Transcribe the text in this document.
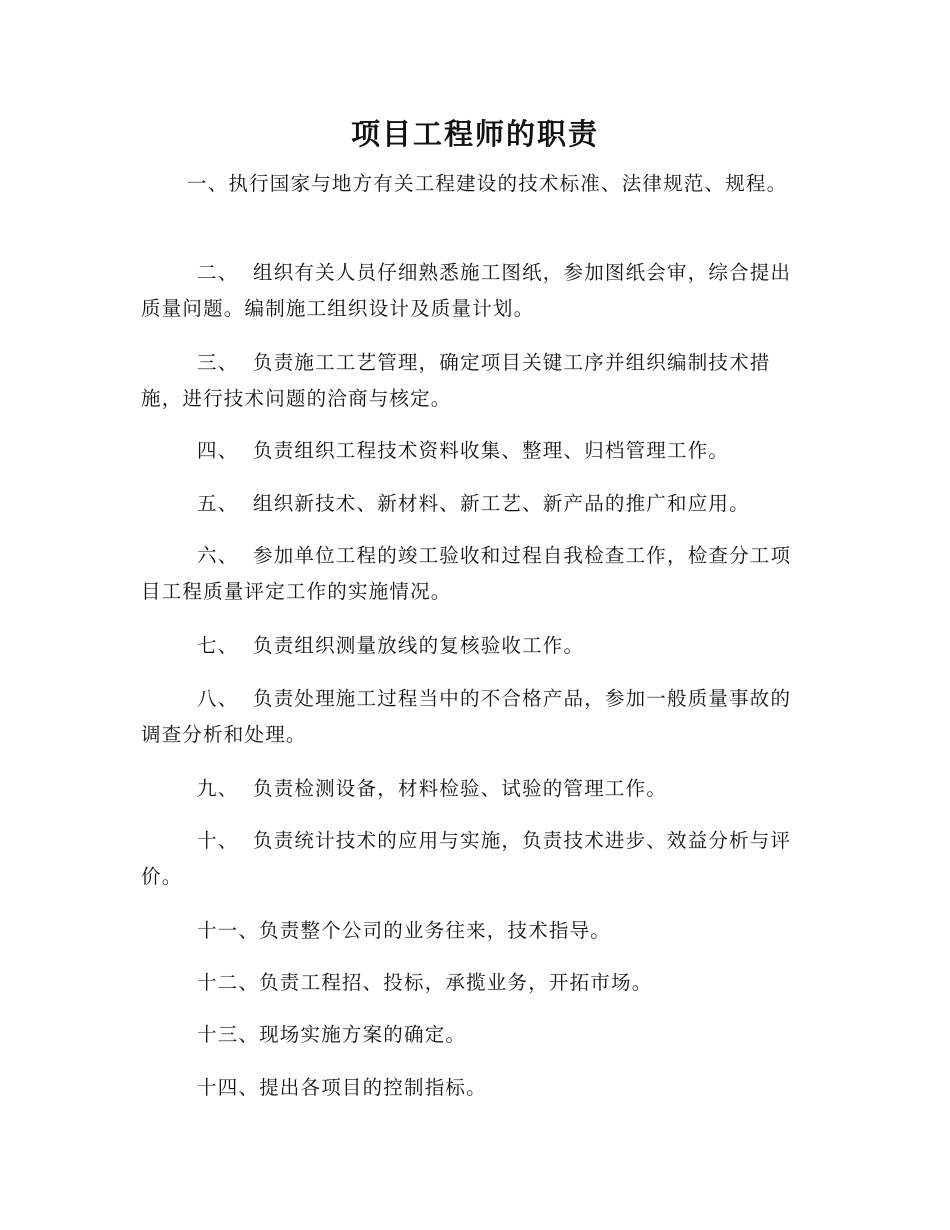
项目工程师的职责
一、执行国家与地方有关工程建设的技术标准、法律规范、规程。
二、 组织有关人员仔细熟悉施工图纸，参加图纸会审，综合提出质量问题。编制施工组织设计及质量计划。
三、 负责施工工艺管理，确定项目关键工序并组织编制技术措施，进行技术问题的洽商与核定。
四、 负责组织工程技术资料收集、整理、归档管理工作。
五、 组织新技术、新材料、新工艺、新产品的推广和应用。
六、 参加单位工程的竣工验收和过程自我检查工作，检查分工项目工程质量评定工作的实施情况。
七、 负责组织测量放线的复核验收工作。
八、 负责处理施工过程当中的不合格产品，参加一般质量事故的调查分析和处理。
九、 负责检测设备，材料检验、试验的管理工作。
十、 负责统计技术的应用与实施，负责技术进步、效益分析与评价。
十一、负责整个公司的业务往来，技术指导。
十二、负责工程招、投标，承揽业务，开拓市场。
十三、现场实施方案的确定。
十四、提出各项目的控制指标。
